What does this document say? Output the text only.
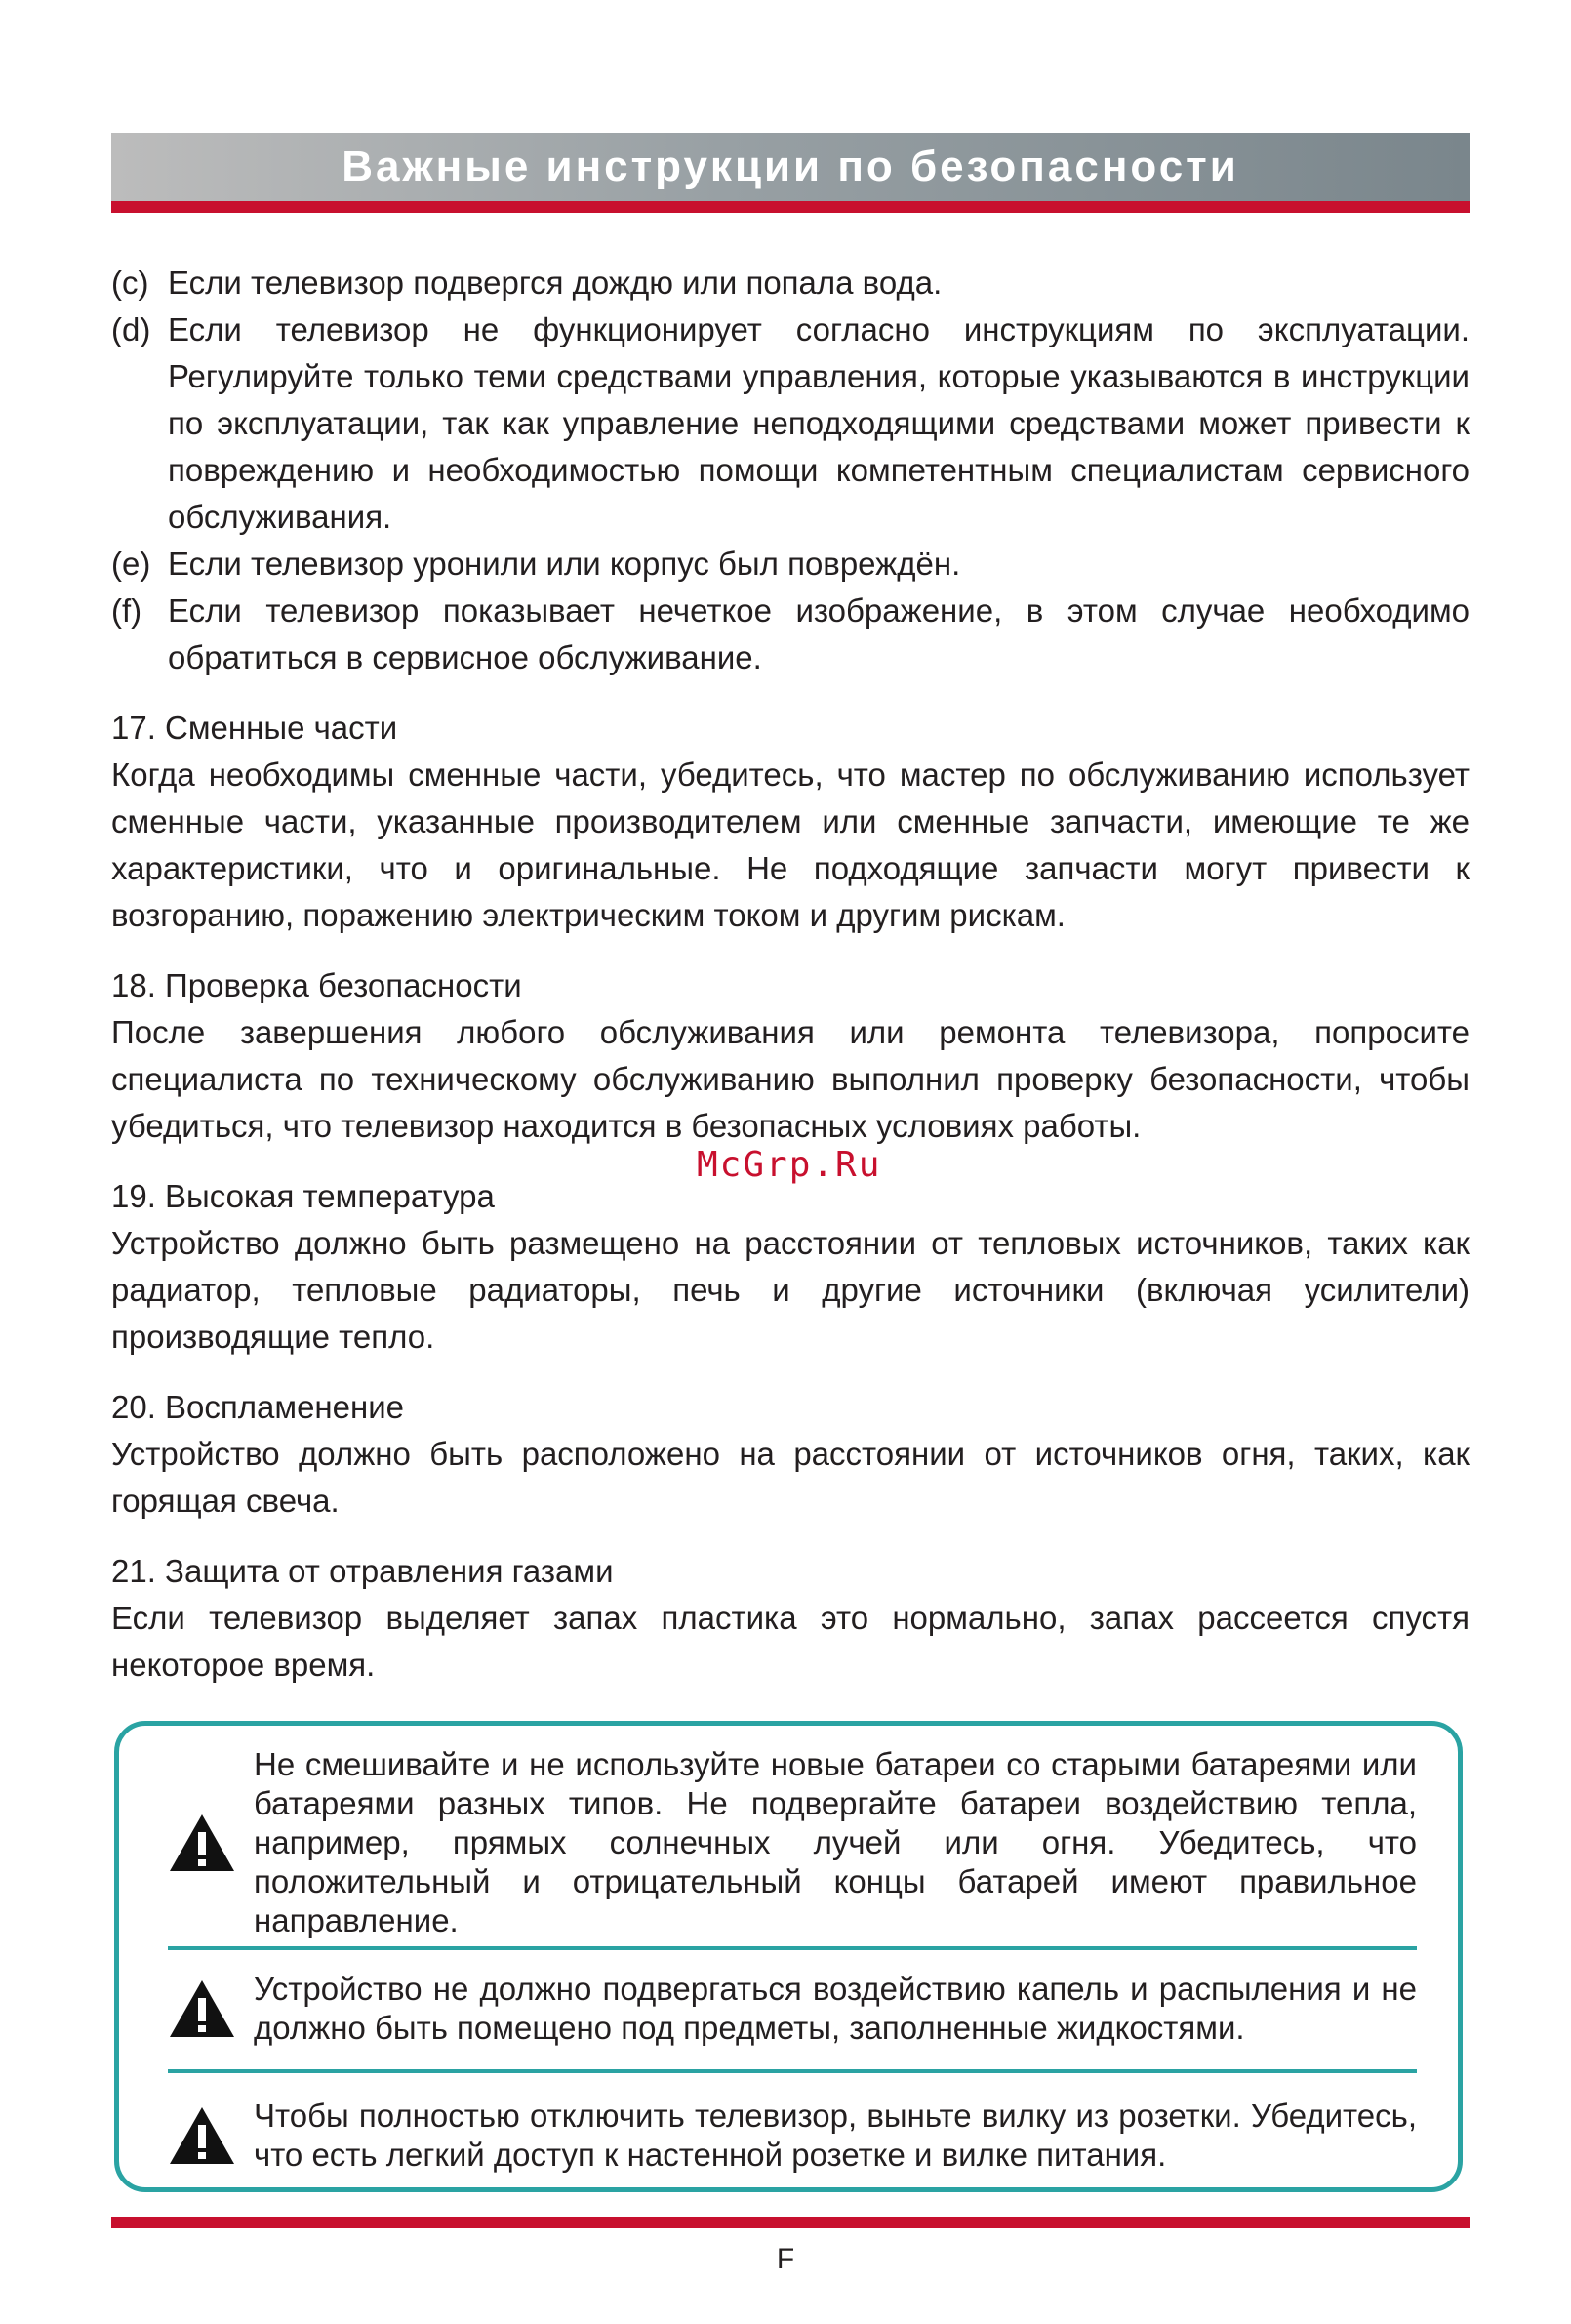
Важные инструкции по безопасности
(c) Если телевизор подвергся дождю или попала вода.
(d) Если телевизор не функционирует согласно инструкциям по эксплуатации. Регулируйте только теми средствами управления, которые указываются в инструкции по эксплуатации, так как управление неподходящими средствами может привести к повреждению и необходимостью помощи компетентным специалистам сервисного обслуживания.
(e) Если телевизор уронили или корпус был повреждён.
(f) Если телевизор показывает нечеткое изображение, в этом случае необходимо обратиться в сервисное обслуживание.
17. Сменные части
Когда необходимы сменные части, убедитесь, что мастер по обслуживанию использует сменные части, указанные производителем или сменные запчасти, имеющие те же характеристики, что и оригинальные. Не подходящие запчасти могут привести к возгоранию, поражению электрическим током и другим рискам.
18. Проверка безопасности
После завершения любого обслуживания или ремонта телевизора, попросите специалиста по техническому обслуживанию выполнил проверку безопасности, чтобы убедиться, что телевизор находится в безопасных условиях работы.
19. Высокая температура
Устройство должно быть размещено на расстоянии от тепловых источников, таких как радиатор, тепловые радиаторы, печь и другие источники (включая усилители) производящие тепло.
20. Воспламенение
Устройство должно быть расположено на расстоянии от источников огня, таких, как горящая свеча.
21. Защита от отравления газами
Если телевизор выделяет запах пластика это нормально, запах рассеется спустя некоторое время.
McGrp.Ru
Не смешивайте и не используйте новые батареи со старыми батареями или батареями разных типов. Не подвергайте батареи воздействию тепла, например, прямых солнечных лучей или огня. Убедитесь, что положительный и отрицательный концы батарей имеют правильное направление.
Устройство не должно подвергаться воздействию капель и распыления и не должно быть помещено под предметы, заполненные жидкостями.
Чтобы полностью отключить телевизор, выньте вилку из розетки. Убедитесь, что есть легкий доступ к настенной розетке и вилке питания.
F
